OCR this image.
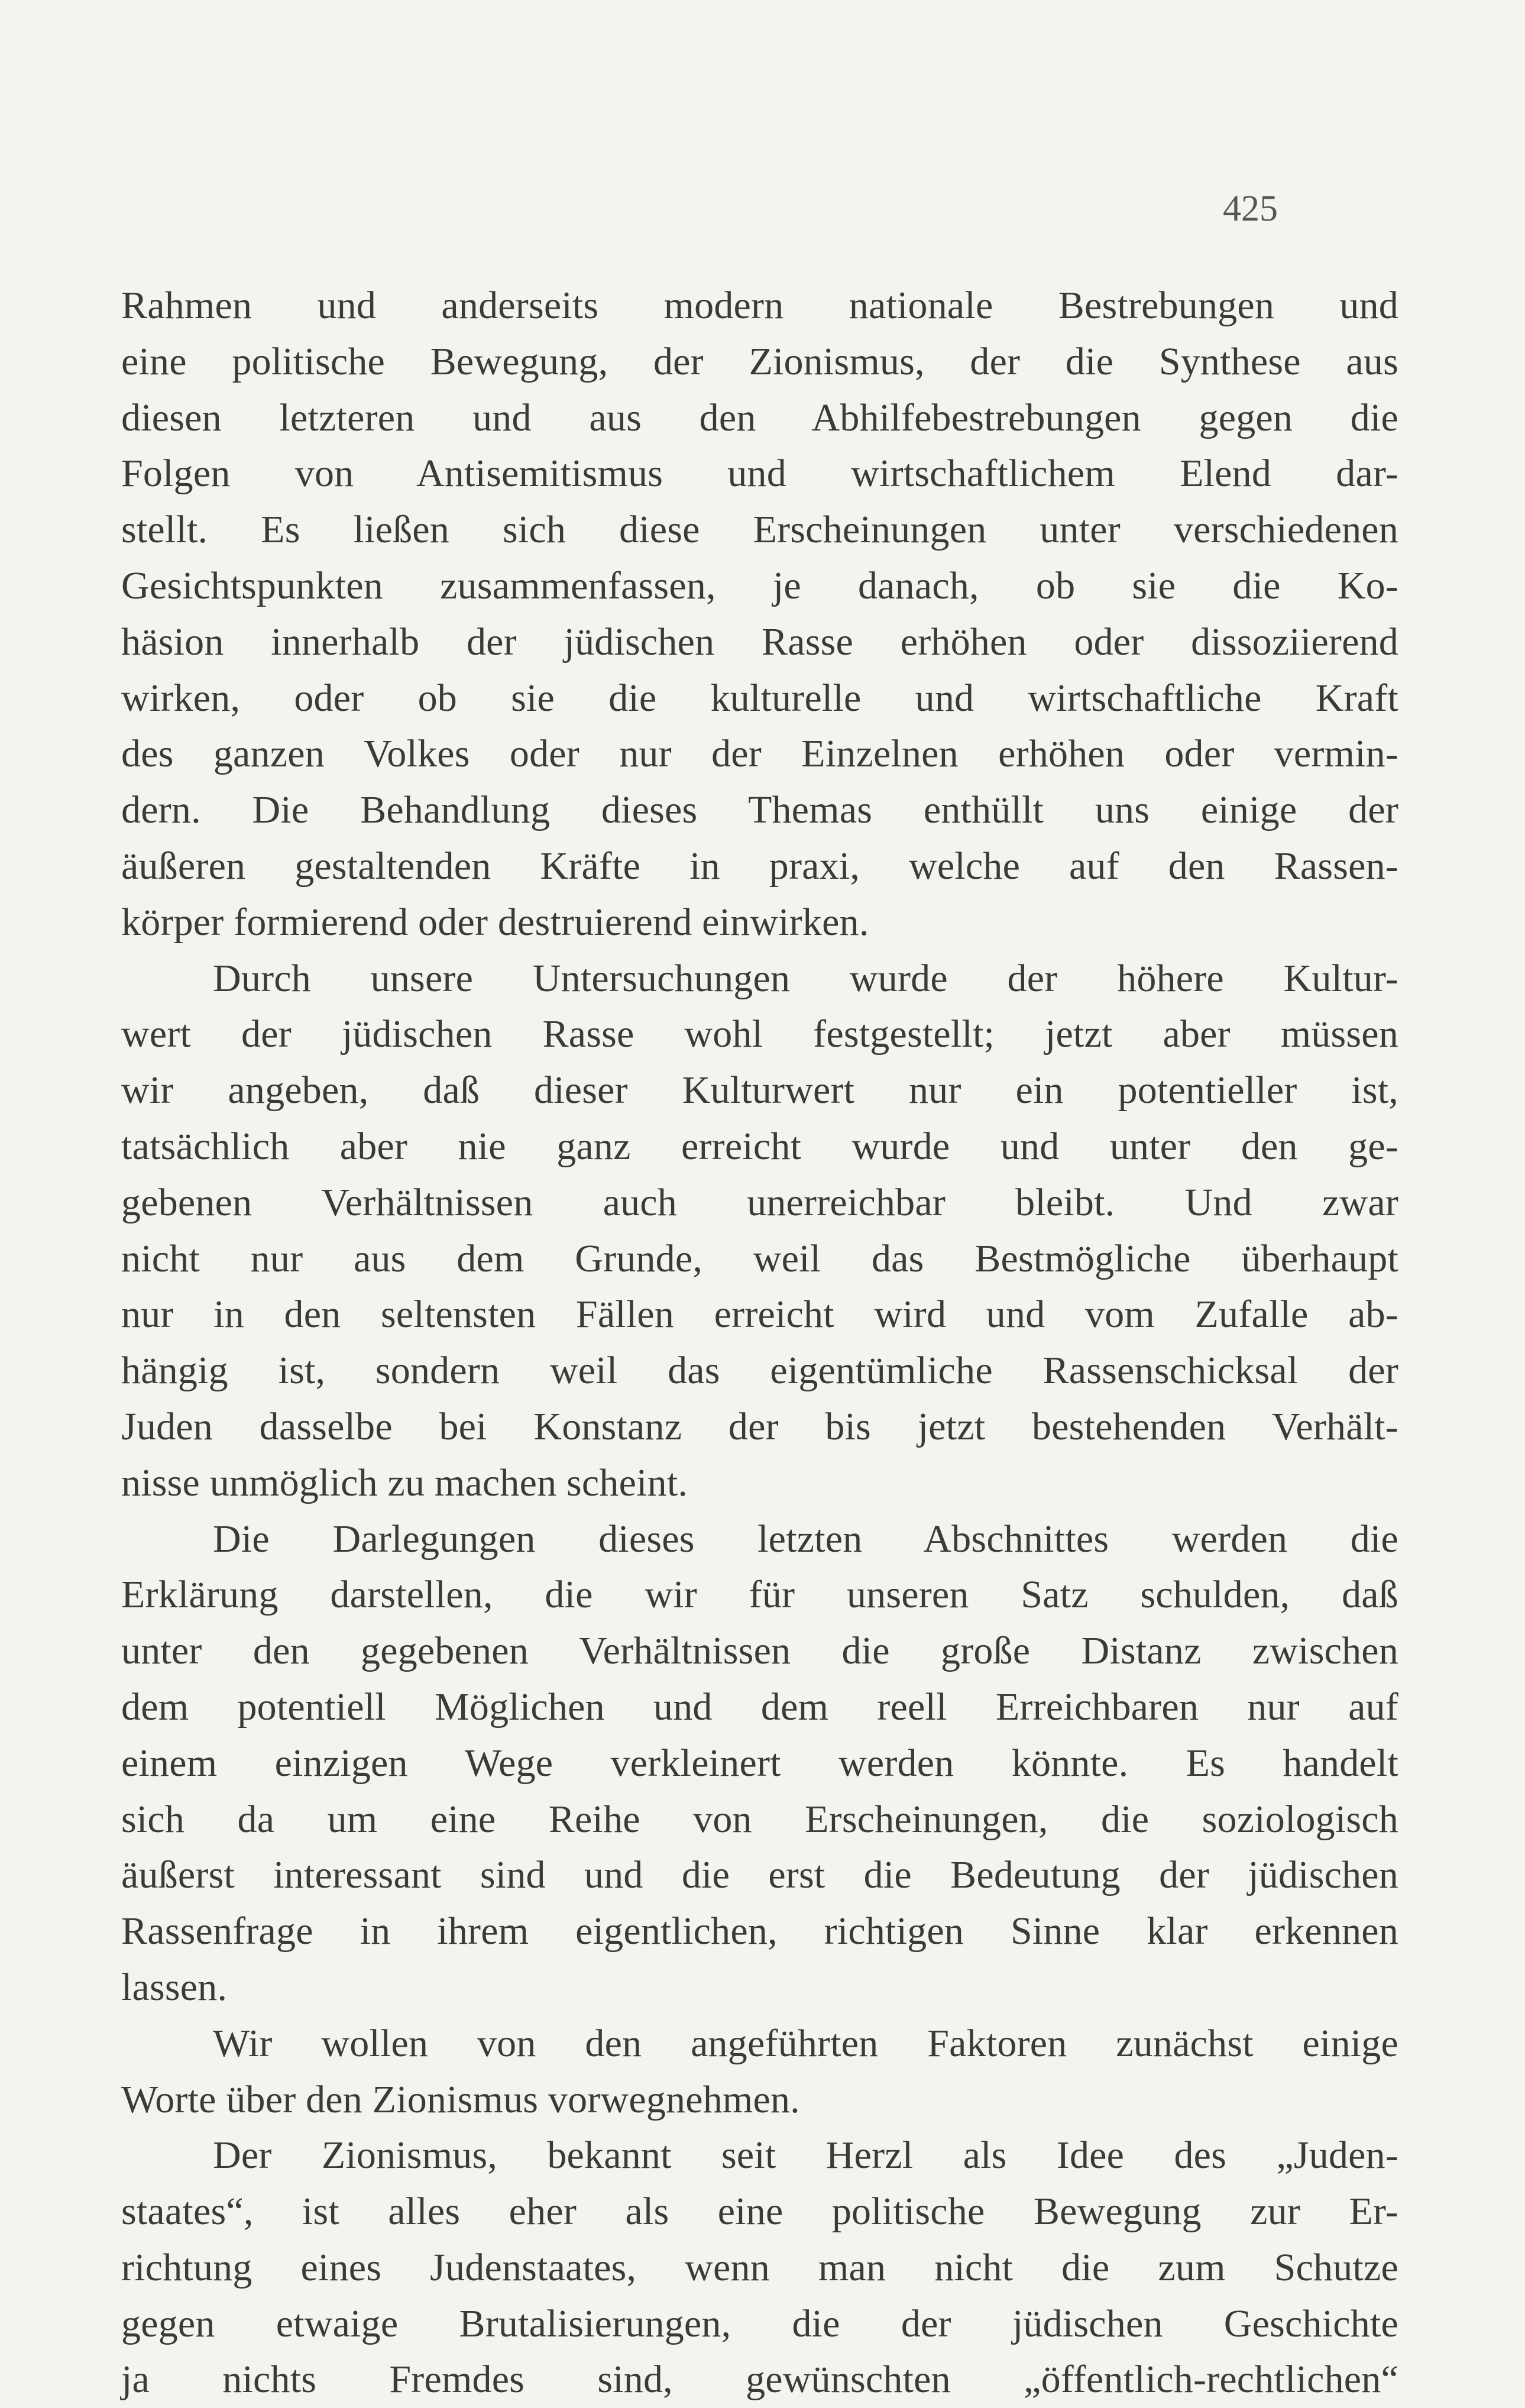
425
Rahmen und anderseits modern nationale Bestrebungen und
eine politische Bewegung, der Zionismus, der die Synthese aus
diesen letzteren und aus den Abhilfebestrebungen gegen die
Folgen von Antisemitismus und wirtschaftlichem Elend dar-
stellt. Es ließen sich diese Erscheinungen unter verschiedenen
Gesichtspunkten zusammenfassen, je danach, ob sie die Ko-
häsion innerhalb der jüdischen Rasse erhöhen oder dissoziierend
wirken, oder ob sie die kulturelle und wirtschaftliche Kraft
des ganzen Volkes oder nur der Einzelnen erhöhen oder vermin-
dern. Die Behandlung dieses Themas enthüllt uns einige der
äußeren gestaltenden Kräfte in praxi, welche auf den Rassen-
körper formierend oder destruierend einwirken.
Durch unsere Untersuchungen wurde der höhere Kultur-
wert der jüdischen Rasse wohl festgestellt; jetzt aber müssen
wir angeben, daß dieser Kulturwert nur ein potentieller ist,
tatsächlich aber nie ganz erreicht wurde und unter den ge-
gebenen Verhältnissen auch unerreichbar bleibt. Und zwar
nicht nur aus dem Grunde, weil das Bestmögliche überhaupt
nur in den seltensten Fällen erreicht wird und vom Zufalle ab-
hängig ist, sondern weil das eigentümliche Rassenschicksal der
Juden dasselbe bei Konstanz der bis jetzt bestehenden Verhält-
nisse unmöglich zu machen scheint.
Die Darlegungen dieses letzten Abschnittes werden die
Erklärung darstellen, die wir für unseren Satz schulden, daß
unter den gegebenen Verhältnissen die große Distanz zwischen
dem potentiell Möglichen und dem reell Erreichbaren nur auf
einem einzigen Wege verkleinert werden könnte. Es handelt
sich da um eine Reihe von Erscheinungen, die soziologisch
äußerst interessant sind und die erst die Bedeutung der jüdischen
Rassenfrage in ihrem eigentlichen, richtigen Sinne klar erkennen
lassen.
Wir wollen von den angeführten Faktoren zunächst einige
Worte über den Zionismus vorwegnehmen.
Der Zionismus, bekannt seit Herzl als Idee des „Juden-
staates“, ist alles eher als eine politische Bewegung zur Er-
richtung eines Judenstaates, wenn man nicht die zum Schutze
gegen etwaige Brutalisierungen, die der jüdischen Geschichte
ja nichts Fremdes sind, gewünschten „öffentlich-rechtlichen“
